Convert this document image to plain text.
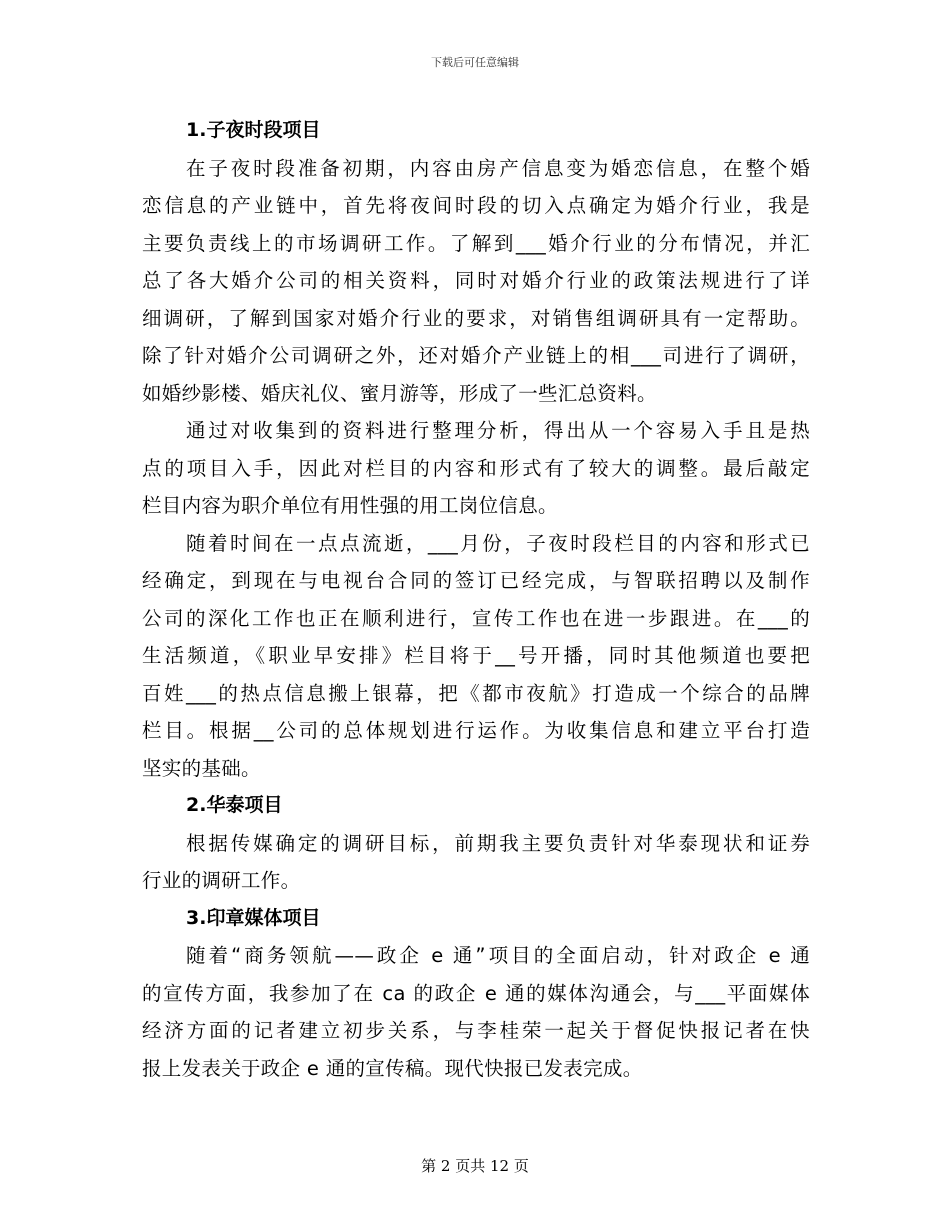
下载后可任意编辑
1.子夜时段项目
在子夜时段准备初期，内容由房产信息变为婚恋信息，在整个婚
恋信息的产业链中，首先将夜间时段的切入点确定为婚介行业，我是
主要负责线上的市场调研工作。了解到___婚介行业的分布情况，并汇
总了各大婚介公司的相关资料，同时对婚介行业的政策法规进行了详
细调研，了解到国家对婚介行业的要求，对销售组调研具有一定帮助。
除了针对婚介公司调研之外，还对婚介产业链上的相___司进行了调研，
如婚纱影楼、婚庆礼仪、蜜月游等，形成了一些汇总资料。
通过对收集到的资料进行整理分析，得出从一个容易入手且是热
点的项目入手，因此对栏目的内容和形式有了较大的调整。最后敲定
栏目内容为职介单位有用性强的用工岗位信息。
随着时间在一点点流逝，___月份，子夜时段栏目的内容和形式已
经确定，到现在与电视台合同的签订已经完成，与智联招聘以及制作
公司的深化工作也正在顺利进行，宣传工作也在进一步跟进。在___的
生活频道，《职业早安排》栏目将于__号开播，同时其他频道也要把
百姓___的热点信息搬上银幕，把《都市夜航》打造成一个综合的品牌
栏目。根据__公司的总体规划进行运作。为收集信息和建立平台打造
坚实的基础。
2.华泰项目
根据传媒确定的调研目标，前期我主要负责针对华泰现状和证券
行业的调研工作。
3.印章媒体项目
随着“商务领航——政企 e 通”项目的全面启动，针对政企 e 通
的宣传方面，我参加了在 ca 的政企 e 通的媒体沟通会，与___平面媒体
经济方面的记者建立初步关系，与李桂荣一起关于督促快报记者在快
报上发表关于政企 e 通的宣传稿。现代快报已发表完成。
第 2 页共 12 页
